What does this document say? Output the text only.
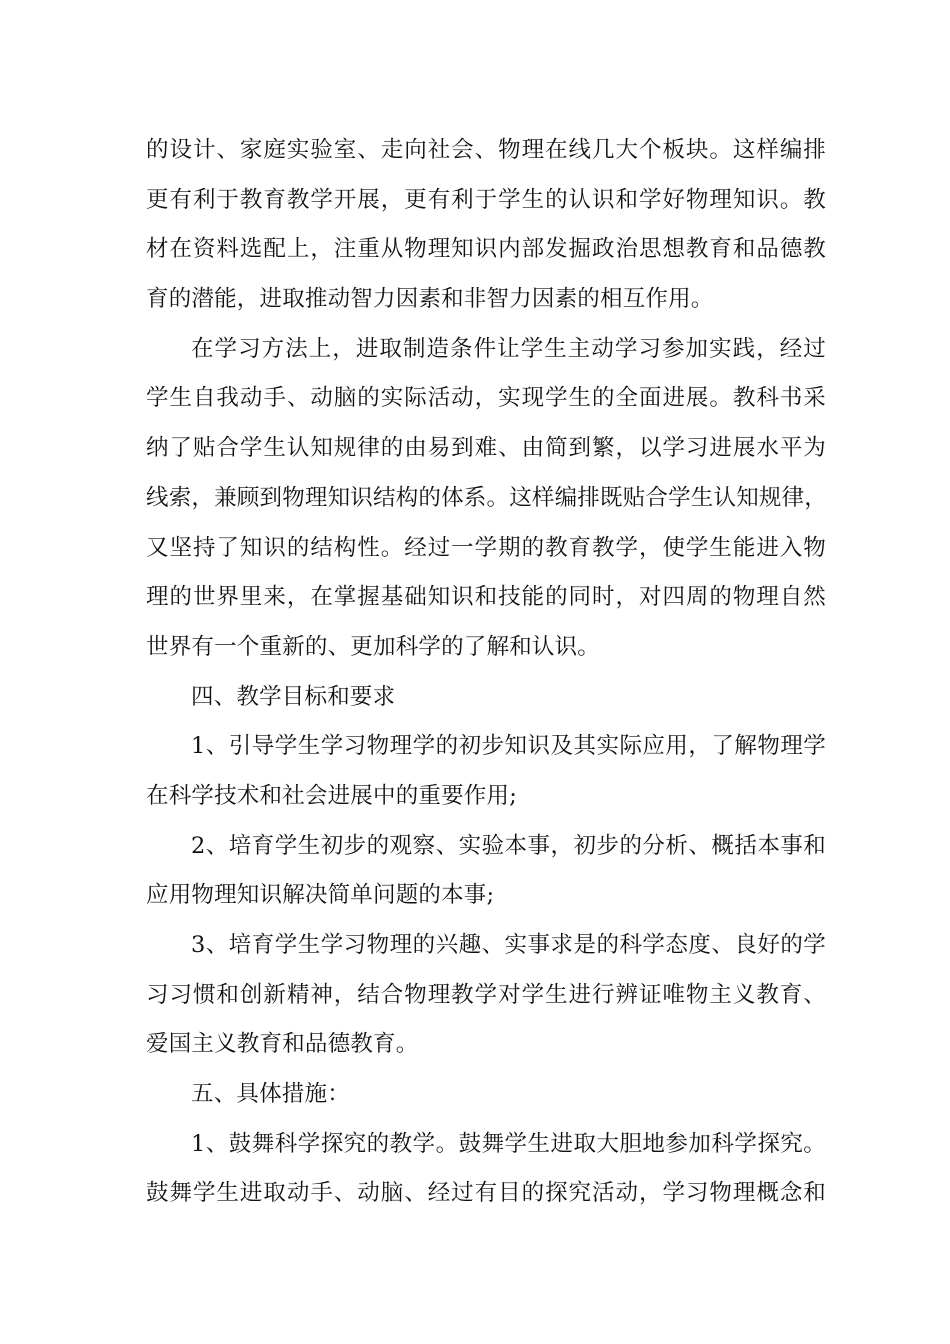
的设计、家庭实验室、走向社会、物理在线几大个板块。这样编排
更有利于教育教学开展，更有利于学生的认识和学好物理知识。教
材在资料选配上，注重从物理知识内部发掘政治思想教育和品德教
育的潜能，进取推动智力因素和非智力因素的相互作用。
在学习方法上，进取制造条件让学生主动学习参加实践，经过
学生自我动手、动脑的实际活动，实现学生的全面进展。教科书采
纳了贴合学生认知规律的由易到难、由简到繁，以学习进展水平为
线索，兼顾到物理知识结构的体系。这样编排既贴合学生认知规律，
又坚持了知识的结构性。经过一学期的教育教学，使学生能进入物
理的世界里来，在掌握基础知识和技能的同时，对四周的物理自然
世界有一个重新的、更加科学的了解和认识。
四、教学目标和要求
1、引导学生学习物理学的初步知识及其实际应用，了解物理学
在科学技术和社会进展中的重要作用;
2、培育学生初步的观察、实验本事，初步的分析、概括本事和
应用物理知识解决简单问题的本事;
3、培育学生学习物理的兴趣、实事求是的科学态度、良好的学
习习惯和创新精神，结合物理教学对学生进行辨证唯物主义教育、
爱国主义教育和品德教育。
五、具体措施：
1、鼓舞科学探究的教学。鼓舞学生进取大胆地参加科学探究。
鼓舞学生进取动手、动脑、经过有目的探究活动，学习物理概念和
